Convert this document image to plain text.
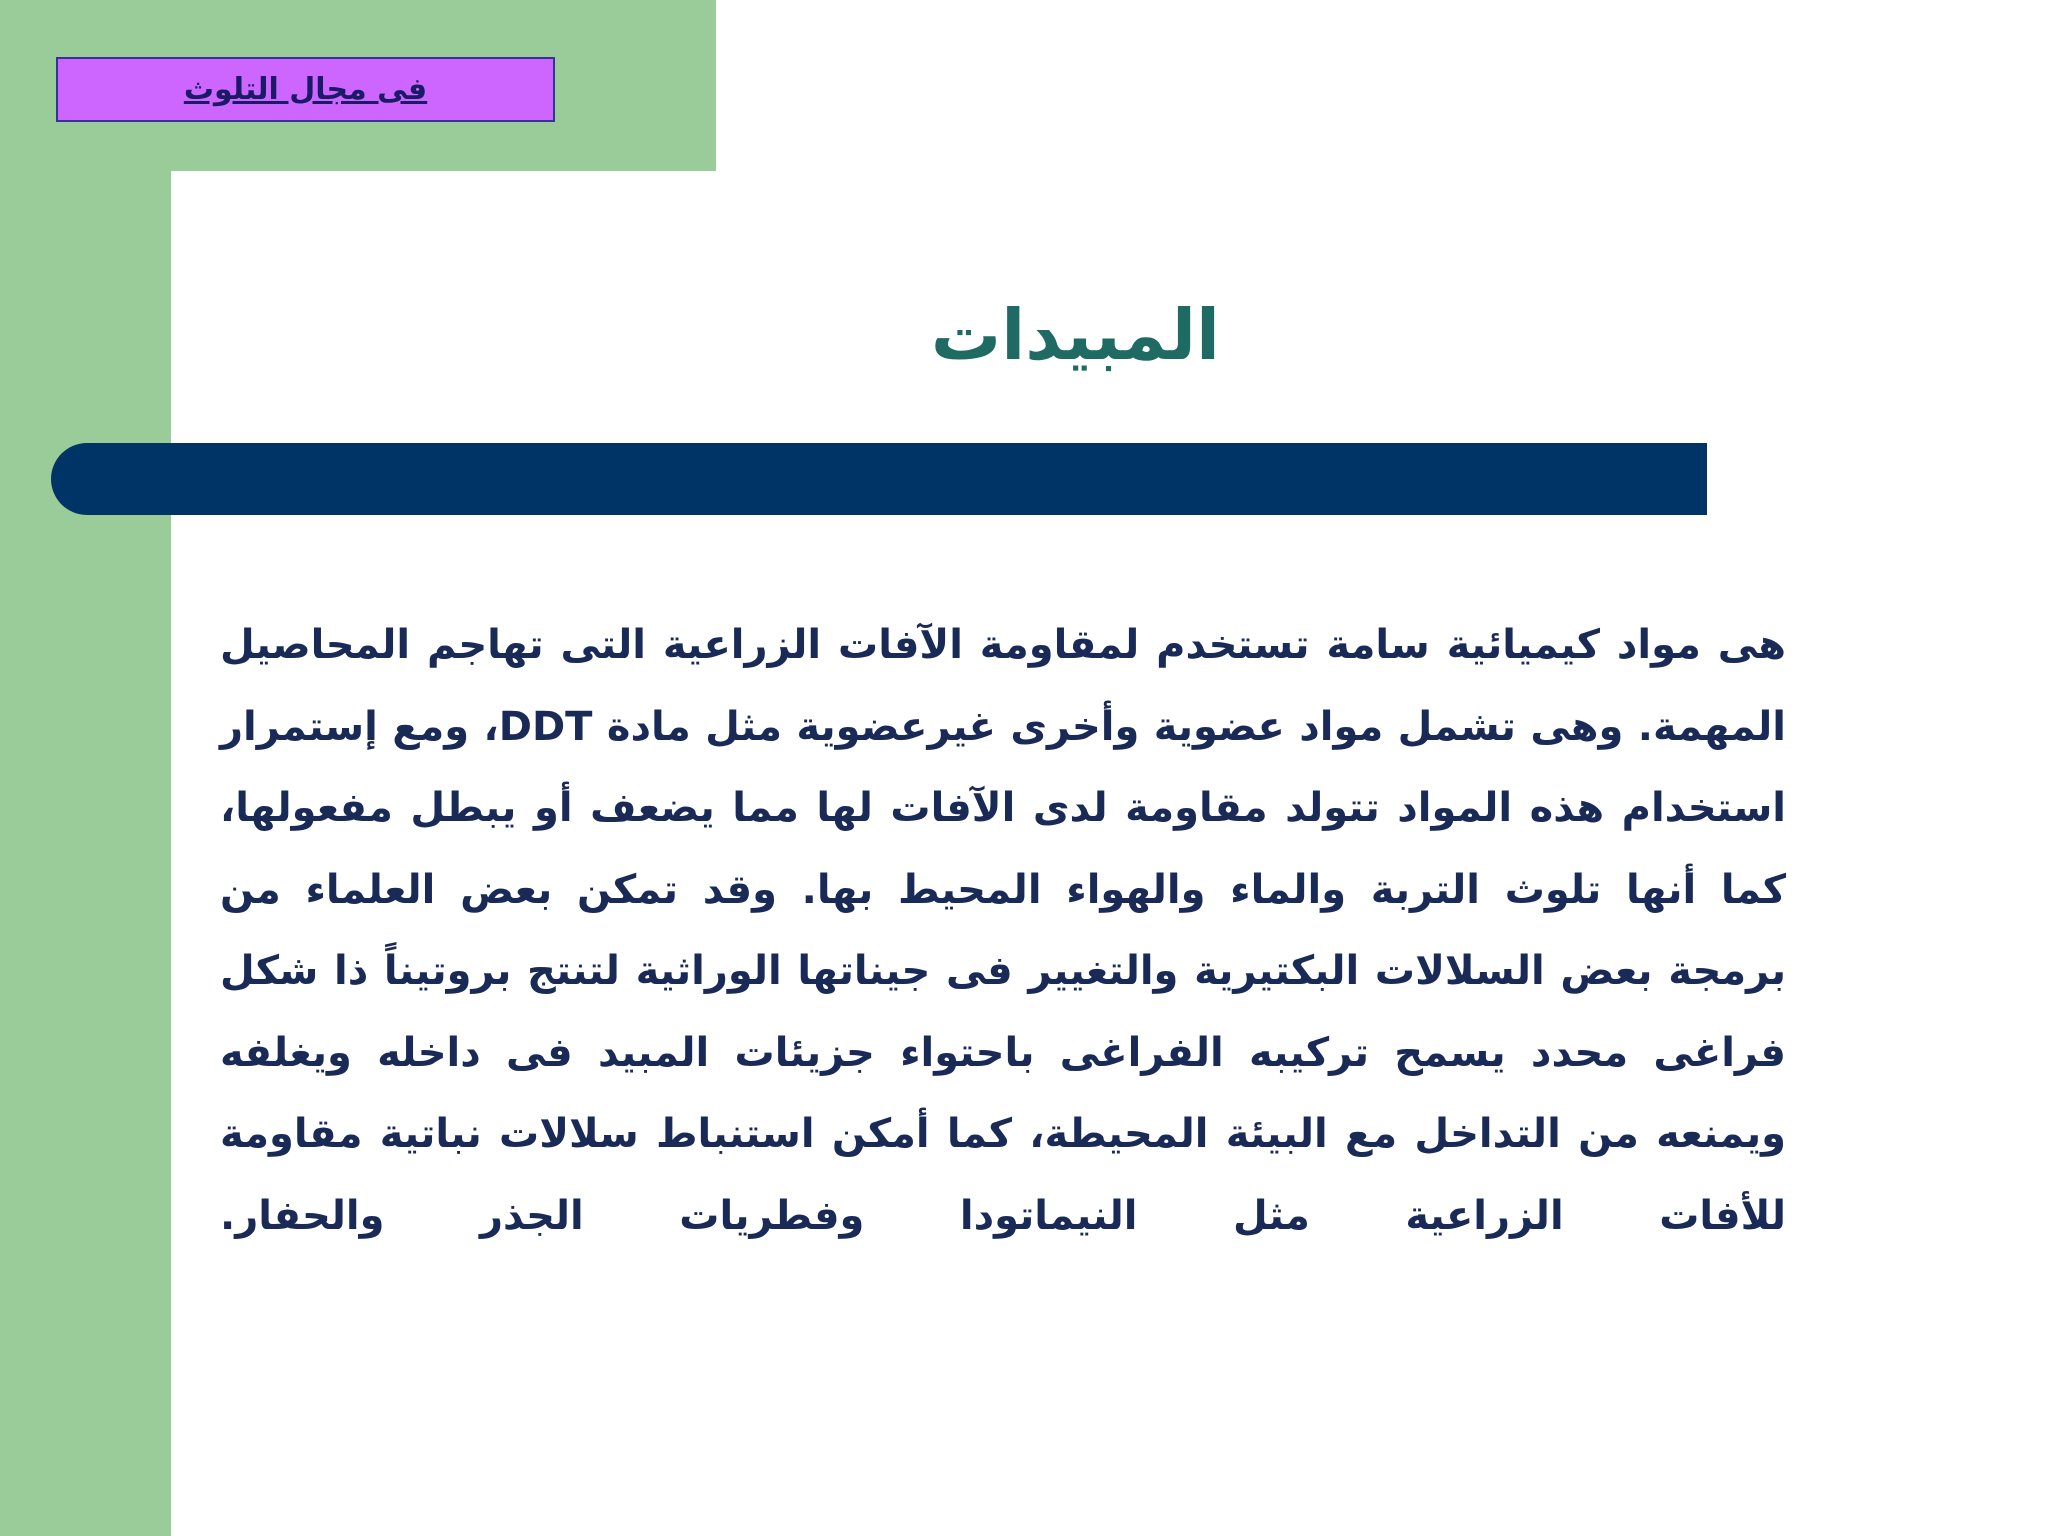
فى مجال التلوث
المبيدات

هى مواد كيميائية سامة تستخدم لمقاومة الآفات الزراعية التى تهاجم المحاصيل المهمة. وهى تشمل مواد عضوية وأخرى غيرعضوية مثل مادة DDT، ومع إستمرار استخدام هذه المواد تتولد مقاومة لدى الآفات لها مما يضعف أو يبطل مفعولها، كما أنها تلوث التربة والماء والهواء المحيط بها. وقد تمكن بعض العلماء من برمجة بعض السلالات البكتيرية والتغيير فى جيناتها الوراثية لتنتج بروتيناً ذا شكل فراغى محدد يسمح تركيبه الفراغى باحتواء جزيئات المبيد فى داخله ويغلفه ويمنعه من التداخل مع البيئة المحيطة، كما أمكن استنباط سلالات نباتية مقاومة للأفات الزراعية مثل النيماتودا وفطريات الجذر والحفار.
